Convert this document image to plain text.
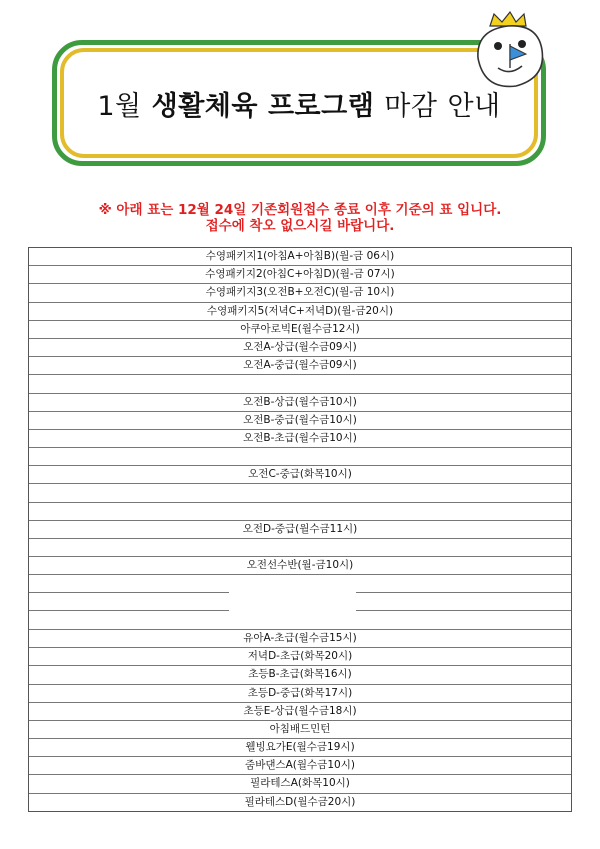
1월 생활체육 프로그램 마감 안내
※ 아래 표는 12월 24일 기존회원접수 종료 이후 기준의 표 입니다.
접수에 착오 없으시길 바랍니다.
수영패키지1(아침A+아침B)(월-금 06시)
수영패키지2(아침C+아침D)(월-금 07시)
수영패키지3(오전B+오전C)(월-금 10시)
수영패키지5(저녁C+저녁D)(월-금20시)
아쿠아로빅E(월수금12시)
오전A-상급(월수금09시)
오전A-중급(월수금09시)
오전B-상급(월수금10시)
오전B-중급(월수금10시)
오전B-초급(월수금10시)
오전C-중급(화목10시)
오전D-중급(월수금11시)
오전선수반(월-금10시)
유아A-초급(월수금15시)
저녁D-초급(화목20시)
초등B-초급(화목16시)
초등D-중급(화목17시)
초등E-상급(월수금18시)
아침배드민턴
웰빙요가E(월수금19시)
줌바댄스A(월수금10시)
필라테스A(화목10시)
필라테스D(월수금20시)
